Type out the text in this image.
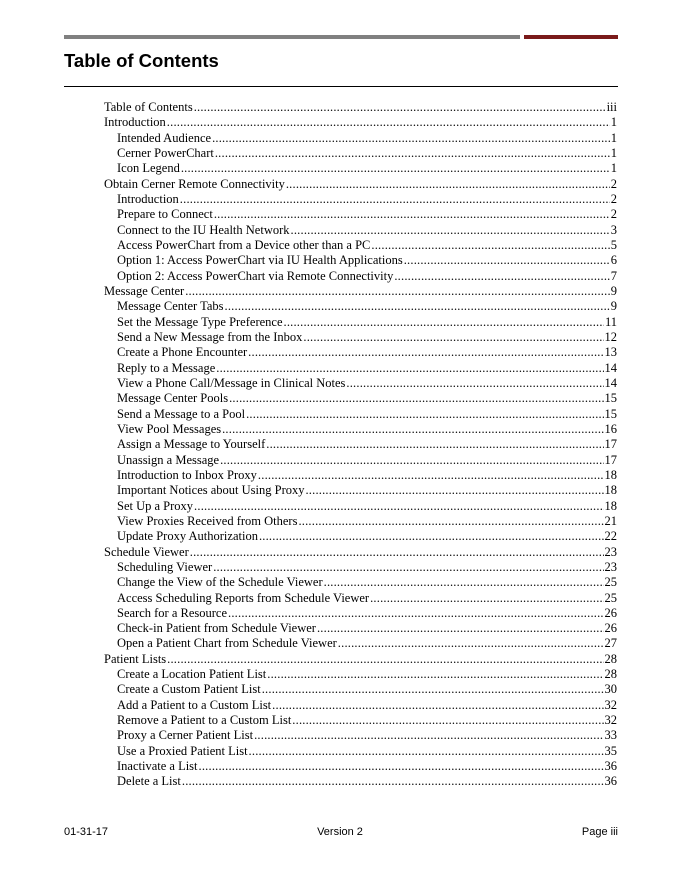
Table of Contents
Table of Contents .....	iii
Introduction .....	1
Intended Audience .....	1
Cerner PowerChart .....	1
Icon Legend .....	1
Obtain Cerner Remote Connectivity .....	2
Introduction .....	2
Prepare to Connect .....	2
Connect to the IU Health Network .....	3
Access PowerChart from a Device other than a PC .....	5
Option 1: Access PowerChart via IU Health Applications .....	6
Option 2: Access PowerChart via Remote Connectivity .....	7
Message Center .....	9
Message Center Tabs .....	9
Set the Message Type Preference .....	11
Send a New Message from the Inbox .....	12
Create a Phone Encounter .....	13
Reply to a Message .....	14
View a Phone Call/Message in Clinical Notes .....	14
Message Center Pools .....	15
Send a Message to a Pool .....	15
View Pool Messages .....	16
Assign a Message to Yourself .....	17
Unassign a Message .....	17
Introduction to Inbox Proxy .....	18
Important Notices about Using Proxy .....	18
Set Up a Proxy .....	18
View Proxies Received from Others .....	21
Update Proxy Authorization .....	22
Schedule Viewer .....	23
Scheduling Viewer .....	23
Change the View of the Schedule Viewer .....	25
Access Scheduling Reports from Schedule Viewer .....	25
Search for a Resource .....	26
Check-in Patient from Schedule Viewer .....	26
Open a Patient Chart from Schedule Viewer .....	27
Patient Lists .....	28
Create a Location Patient List .....	28
Create a Custom Patient List .....	30
Add a Patient to a Custom List .....	32
Remove a Patient to a Custom List .....	32
Proxy a Cerner Patient List .....	33
Use a Proxied Patient List .....	35
Inactivate a List .....	36
Delete a List .....	36
01-31-17	Version 2	Page iii
